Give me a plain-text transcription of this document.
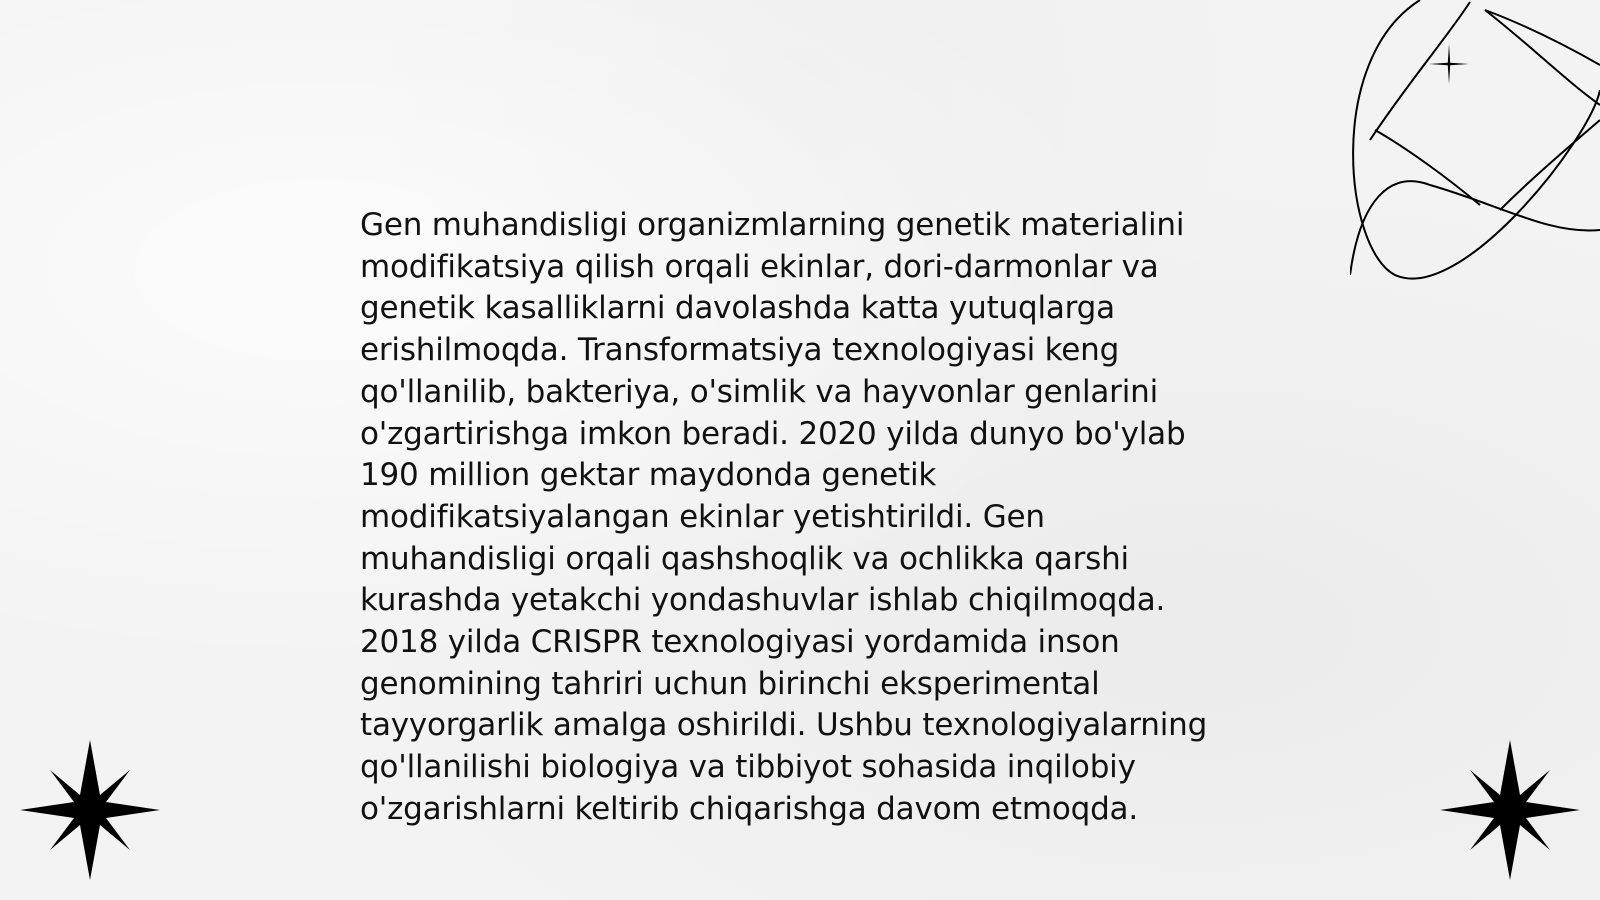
Gen muhandisligi organizmlarning genetik materialini modifikatsiya qilish orqali ekinlar, dori-darmonlar va genetik kasalliklarni davolashda katta yutuqlarga erishilmoqda. Transformatsiya texnologiyasi keng qo'llanilib, bakteriya, o'simlik va hayvonlar genlarini o'zgartirishga imkon beradi. 2020 yilda dunyo bo'ylab 190 million gektar maydonda genetik modifikatsiyalangan ekinlar yetishtirildi. Gen muhandisligi orqali qashshoqlik va ochlikka qarshi kurashda yetakchi yondashuvlar ishlab chiqilmoqda. 2018 yilda CRISPR texnologiyasi yordamida inson genomining tahriri uchun birinchi eksperimental tayyorgarlik amalga oshirildi. Ushbu texnologiyalarning qo'llanilishi biologiya va tibbiyot sohasida inqilobiy o'zgarishlarni keltirib chiqarishga davom etmoqda.
